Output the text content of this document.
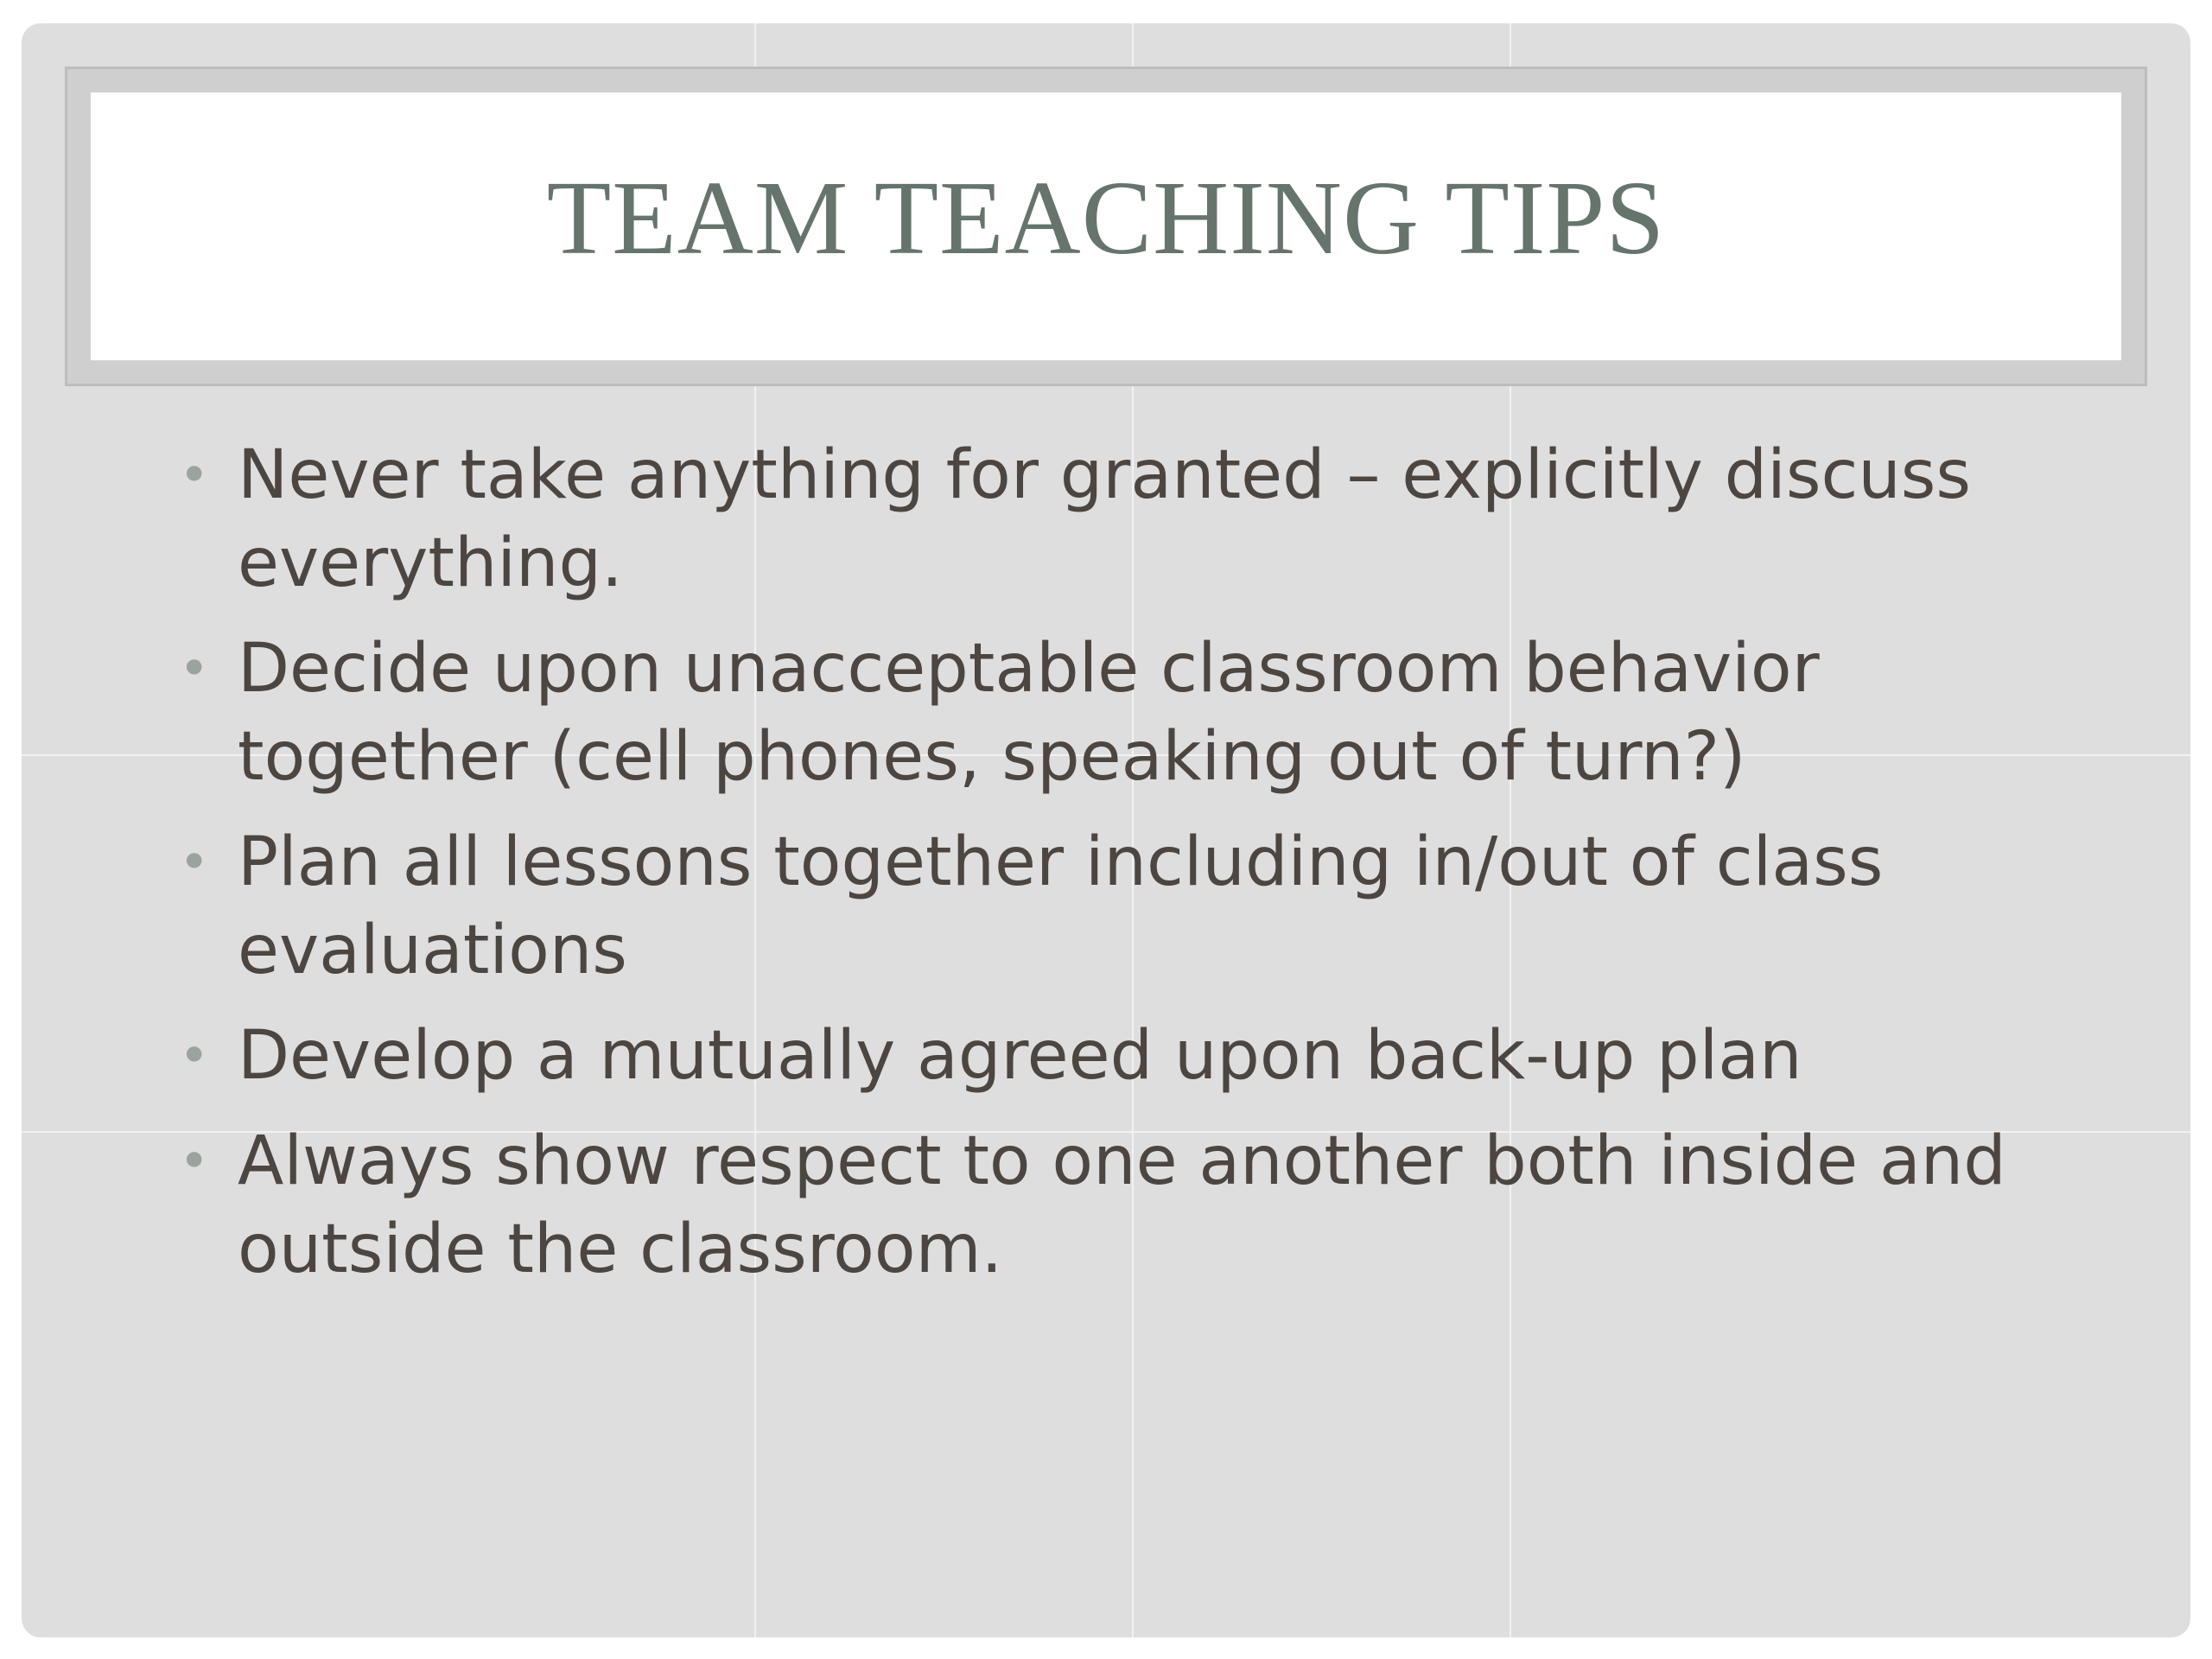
TEAM TEACHING TIPS
• Never take anything for granted – explicitly discuss everything.
• Decide upon unacceptable classroom behavior together (cell phones, speaking out of turn?)
• Plan all lessons together including in/out of class evaluations
• Develop a mutually agreed upon back-up plan
• Always show respect to one another both inside and outside the classroom.
